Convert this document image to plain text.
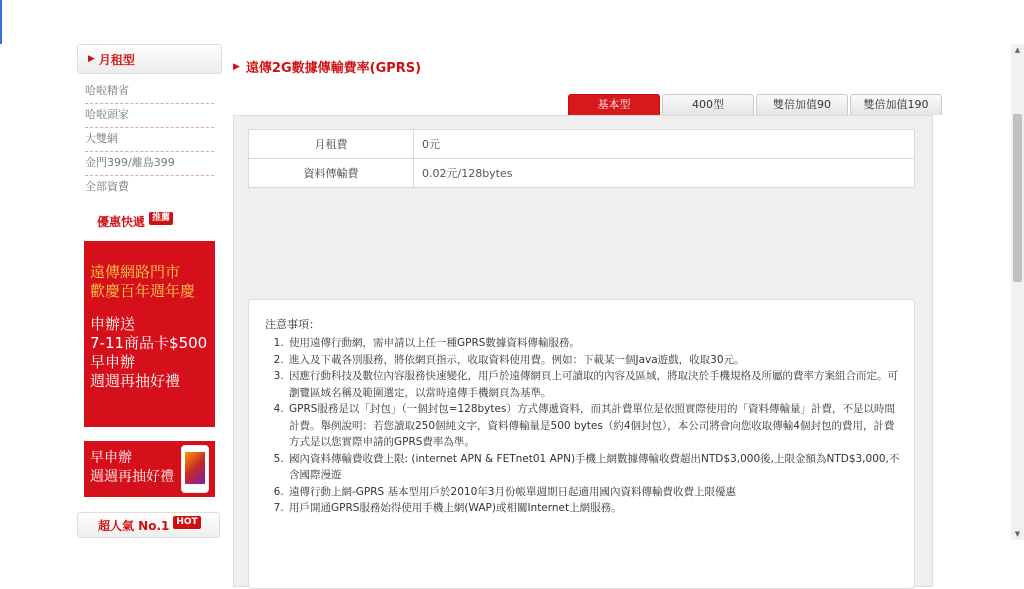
▶ 月租型
哈啦精省
哈啦頭家
大雙網
金門399/離島399
全部資費
優惠快遞 推薦
遠傳網路門市
歡慶百年週年慶
申辦送
7-11商品卡$500
早申辦
週週再抽好禮
早申辦
週週再抽好禮
超人氣 No.1 HOT
▶ 遠傳2G數據傳輸費率(GPRS)
基本型	400型	雙倍加值90	雙倍加值190
月租費	0元
資料傳輸費	0.02元/128bytes
注意事項：
1. 使用遠傳行動網，需申請以上任一種GPRS數據資料傳輸服務。
2. 進入及下載各別服務，將依網頁指示，收取資料使用費。例如：下載某一個Java遊戲，收取30元。
3. 因應行動科技及數位內容服務快速變化，用戶於遠傳網頁上可讀取的內容及區域，將取決於手機規格及所屬的費率方案組合而定。可瀏覽區域名稱及範圍選定，以當時遠傳手機網頁為基準。
4. GPRS服務是以「封包」（一個封包=128bytes）方式傳遞資料，而其計費單位是依照實際使用的「資料傳輸量」計費，不是以時間計費。舉例說明：若您讀取250個純文字，資料傳輸量是500 bytes（約4個封包），本公司將會向您收取傳輸4個封包的費用，計費方式是以您實際申請的GPRS費率為準。
5. 國內資料傳輸費收費上限: (internet APN & FETnet01 APN)手機上網數據傳輸收費超出NTD$3,000後,上限金額為NTD$3,000,不含國際漫遊
6. 遠傳行動上網-GPRS 基本型用戶於2010年3月份帳單週期日起適用國內資料傳輸費收費上限優惠
7. 用戶開通GPRS服務始得使用手機上網(WAP)或相關Internet上網服務。
▲
▼
